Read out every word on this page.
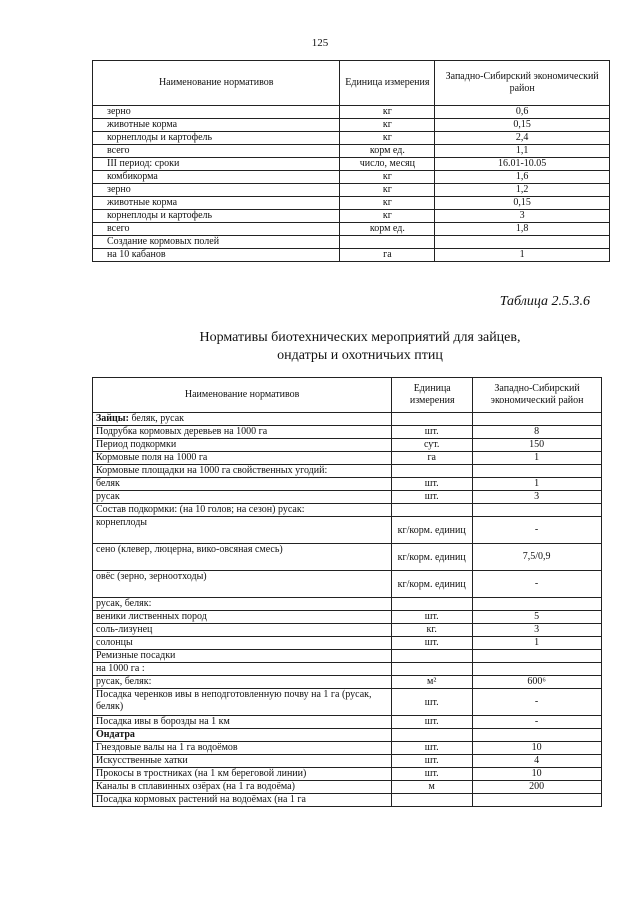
125
Наименование нормативов	Единица измерения	Западно-Сибирский экономический район
зерно	кг	0,6
животные корма	кг	0,15
корнеплоды и картофель	кг	2,4
всего	корм ед.	1,1
III период: сроки	число, месяц	16.01-10.05
комбикорма	кг	1,6
зерно	кг	1,2
животные корма	кг	0,15
корнеплоды и картофель	кг	3
всего	корм ед.	1,8
Создание кормовых полей		
на 10 кабанов	га	1
Таблица 2.5.3.6
Нормативы биотехнических мероприятий для зайцев,
ондатры и охотничьих птиц
Наименование нормативов	Единица измерения	Западно-Сибирский экономический район
Зайцы: беляк, русак		
Подрубка кормовых деревьев на 1000 га	шт.	8
Период подкормки	сут.	150
Кормовые поля на 1000 га	га	1
Кормовые площадки на 1000 га свойственных угодий:		
беляк	шт.	1
русак	шт.	3
Состав подкормки: (на 10 голов; на сезон) русак:		
корнеплоды	кг/корм. единиц	-
сено (клевер, люцерна, вико-овсяная смесь)	кг/корм. единиц	7,5/0,9
овёс (зерно, зерноотходы)	кг/корм. единиц	-
русак, беляк:		
веники лиственных пород	шт.	5
соль-лизунец	кг.	3
солонцы	шт.	1
Ремизные посадки		
на 1000 га :		
русак, беляк:	м²	600⁶
Посадка черенков ивы в неподготовленную почву на 1 га (русак, беляк)	шт.	-
Посадка ивы в борозды на 1 км	шт.	-
Ондатра		
Гнездовые валы на 1 га водоёмов	шт.	10
Искусственные хатки	шт.	4
Прокосы в тростниках (на 1 км береговой линии)	шт.	10
Каналы в сплавинных озёрах (на 1 га водоёма)	м	200
Посадка кормовых растений на водоёмах (на 1 га		
